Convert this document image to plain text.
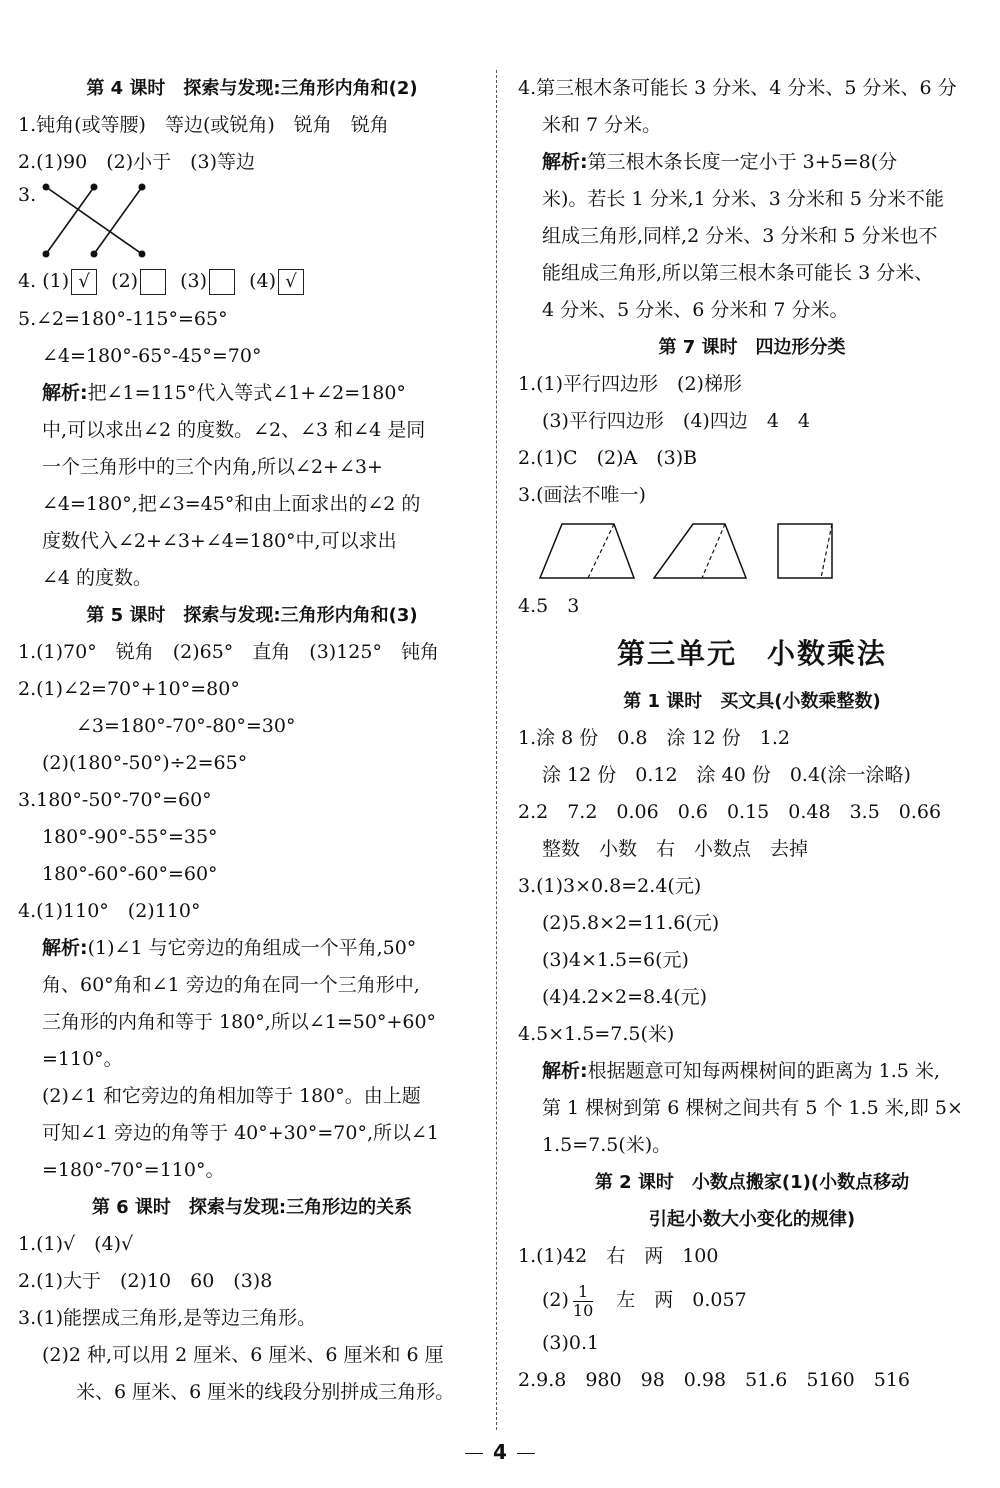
第 4 课时　探索与发现:三角形内角和(2)
1.钝角(或等腰)　等边(或锐角)　锐角　锐角
2.(1)90　(2)小于　(3)等边
3.
4. (1) √ (2) (3) (4) √
5.∠2=180°-115°=65°
∠4=180°-65°-45°=70°
解析:把∠1=115°代入等式∠1+∠2=180°
中,可以求出∠2 的度数。∠2、∠3 和∠4 是同
一个三角形中的三个内角,所以∠2+∠3+
∠4=180°,把∠3=45°和由上面求出的∠2 的
度数代入∠2+∠3+∠4=180°中,可以求出
∠4 的度数。
第 5 课时　探索与发现:三角形内角和(3)
1.(1)70°　锐角　(2)65°　直角　(3)125°　钝角
2.(1)∠2=70°+10°=80°
∠3=180°-70°-80°=30°
(2)(180°-50°)÷2=65°
3.180°-50°-70°=60°
180°-90°-55°=35°
180°-60°-60°=60°
4.(1)110°　(2)110°
解析:(1)∠1 与它旁边的角组成一个平角,50°
角、60°角和∠1 旁边的角在同一个三角形中,
三角形的内角和等于 180°,所以∠1=50°+60°
=110°。
(2)∠1 和它旁边的角相加等于 180°。由上题
可知∠1 旁边的角等于 40°+30°=70°,所以∠1
=180°-70°=110°。
第 6 课时　探索与发现:三角形边的关系
1.(1)√　(4)√
2.(1)大于　(2)10　60　(3)8
3.(1)能摆成三角形,是等边三角形。
(2)2 种,可以用 2 厘米、6 厘米、6 厘米和 6 厘
米、6 厘米、6 厘米的线段分别拼成三角形。
4.第三根木条可能长 3 分米、4 分米、5 分米、6 分
米和 7 分米。
解析:第三根木条长度一定小于 3+5=8(分
米)。若长 1 分米,1 分米、3 分米和 5 分米不能
组成三角形,同样,2 分米、3 分米和 5 分米也不
能组成三角形,所以第三根木条可能长 3 分米、
4 分米、5 分米、6 分米和 7 分米。
第 7 课时　四边形分类
1.(1)平行四边形　(2)梯形
(3)平行四边形　(4)四边　4　4
2.(1)C　(2)A　(3)B
3.(画法不唯一)
4.5　3
第三单元　小数乘法
第 1 课时　买文具(小数乘整数)
1.涂 8 份　0.8　涂 12 份　1.2
涂 12 份　0.12　涂 40 份　0.4(涂一涂略)
2.2　7.2　0.06　0.6　0.15　0.48　3.5　0.66
整数　小数　右　小数点　去掉
3.(1)3×0.8=2.4(元)
(2)5.8×2=11.6(元)
(3)4×1.5=6(元)
(4)4.2×2=8.4(元)
4.5×1.5=7.5(米)
解析:根据题意可知每两棵树间的距离为 1.5 米,
第 1 棵树到第 6 棵树之间共有 5 个 1.5 米,即 5×
1.5=7.5(米)。
第 2 课时　小数点搬家(1)(小数点移动
引起小数大小变化的规律)
1.(1)42　右　两　100
$(2) \frac{1}{10}$ 　左　两　0.057
(3)0.1
2.9.8　980　98　0.98　51.6　5160　516
4
